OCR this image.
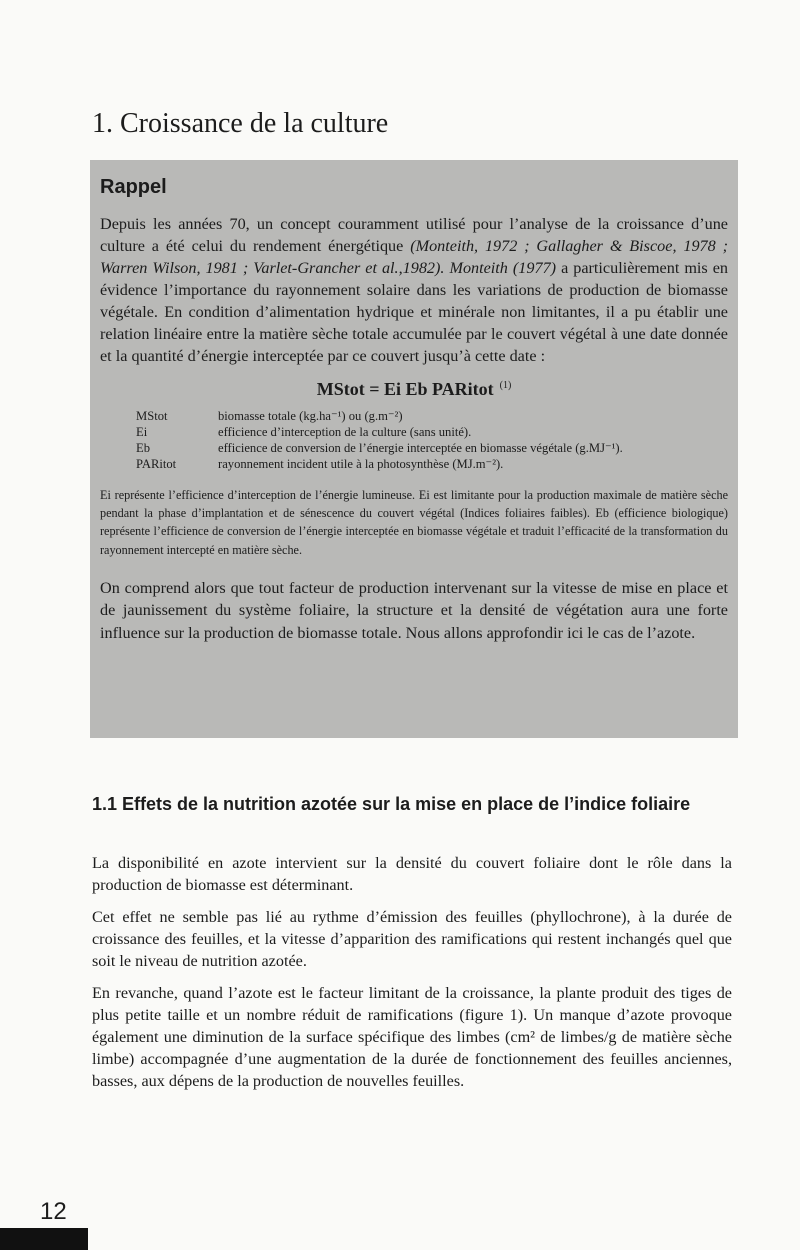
1. Croissance de la culture
Rappel

Depuis les années 70, un concept couramment utilisé pour l’analyse de la croissance d’une culture a été celui du rendement énergétique (Monteith, 1972 ; Gallagher & Biscoe, 1978 ; Warren Wilson, 1981 ; Varlet-Grancher et al.,1982). Monteith (1977) a particulièrement mis en évidence l’importance du rayonnement solaire dans les variations de production de biomasse végétale. En condition d’alimentation hydrique et minérale non limitantes, il a pu établir une relation linéaire entre la matière sèche totale accumulée par le couvert végétal à une date donnée et la quantité d’énergie interceptée par ce couvert jusqu’à cette date :

MStot = Ei Eb PARitot $^{(1)}$
MStot	biomasse totale (kg.ha⁻¹) ou (g.m⁻²)
Ei	efficience d’interception de la culture (sans unité).
Eb	efficience de conversion de l’énergie interceptée en biomasse végétale (g.MJ⁻¹).
PARitot	rayonnement incident utile à la photosynthèse (MJ.m⁻²).

Ei représente l’efficience d’interception de l’énergie lumineuse. Ei est limitante pour la production maximale de matière sèche pendant la phase d’implantation et de sénescence du couvert végétal (Indices foliaires faibles). Eb (efficience biologique) représente l’efficience de conversion de l’énergie interceptée en biomasse végétale et traduit l’efficacité de la transformation du rayonnement intercepté en matière sèche.

On comprend alors que tout facteur de production intervenant sur la vitesse de mise en place et de jaunissement du système foliaire, la structure et la densité de végétation aura une forte influence sur la production de biomasse totale. Nous allons approfondir ici le cas de l’azote.

1.1 Effets de la nutrition azotée sur la mise en place de l’indice foliaire

La disponibilité en azote intervient sur la densité du couvert foliaire dont le rôle dans la production de biomasse est déterminant.

Cet effet ne semble pas lié au rythme d’émission des feuilles (phyllochrone), à la durée de croissance des feuilles, et la vitesse d’apparition des ramifications qui restent inchangés quel que soit le niveau de nutrition azotée.

En revanche, quand l’azote est le facteur limitant de la croissance, la plante produit des tiges de plus petite taille et un nombre réduit de ramifications (figure 1). Un manque d’azote provoque également une diminution de la surface spécifique des limbes (cm² de limbes/g de matière sèche limbe) accompagnée d’une augmentation de la durée de fonctionnement des feuilles anciennes, basses, aux dépens de la production de nouvelles feuilles.

12
